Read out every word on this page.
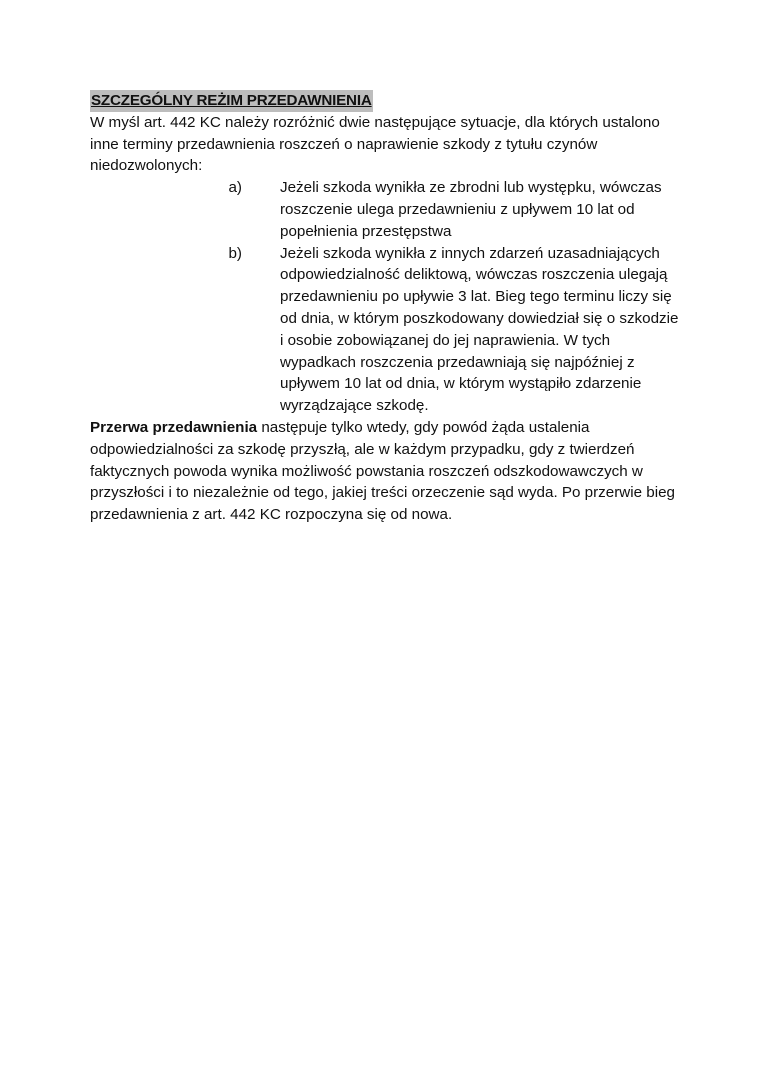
SZCZEGÓLNY REŻIM PRZEDAWNIENIA

W myśl art. 442 KC należy rozróżnić dwie następujące sytuacje, dla których ustalono inne terminy przedawnienia roszczeń o naprawienie szkody z tytułu czynów niedozwolonych:

a)	Jeżeli szkoda wynikła ze zbrodni lub występku, wówczas roszczenie ulega przedawnieniu z upływem 10 lat od popełnienia przestępstwa
b)	Jeżeli szkoda wynikła z innych zdarzeń uzasadniających odpowiedzialność deliktową, wówczas roszczenia ulegają przedawnieniu po upływie 3 lat. Bieg tego terminu liczy się od dnia, w którym poszkodowany dowiedział się o szkodzie i osobie zobowiązanej do jej naprawienia. W tych wypadkach roszczenia przedawniają się najpóźniej z upływem 10 lat od dnia, w którym wystąpiło zdarzenie wyrządzające szkodę.

Przerwa przedawnienia następuje tylko wtedy, gdy powód żąda ustalenia odpowiedzialności za szkodę przyszłą, ale w każdym przypadku, gdy z twierdzeń faktycznych powoda wynika możliwość powstania roszczeń odszkodowawczych w przyszłości i to niezależnie od tego, jakiej treści orzeczenie sąd wyda. Po przerwie bieg przedawnienia z art. 442 KC rozpoczyna się od nowa.
